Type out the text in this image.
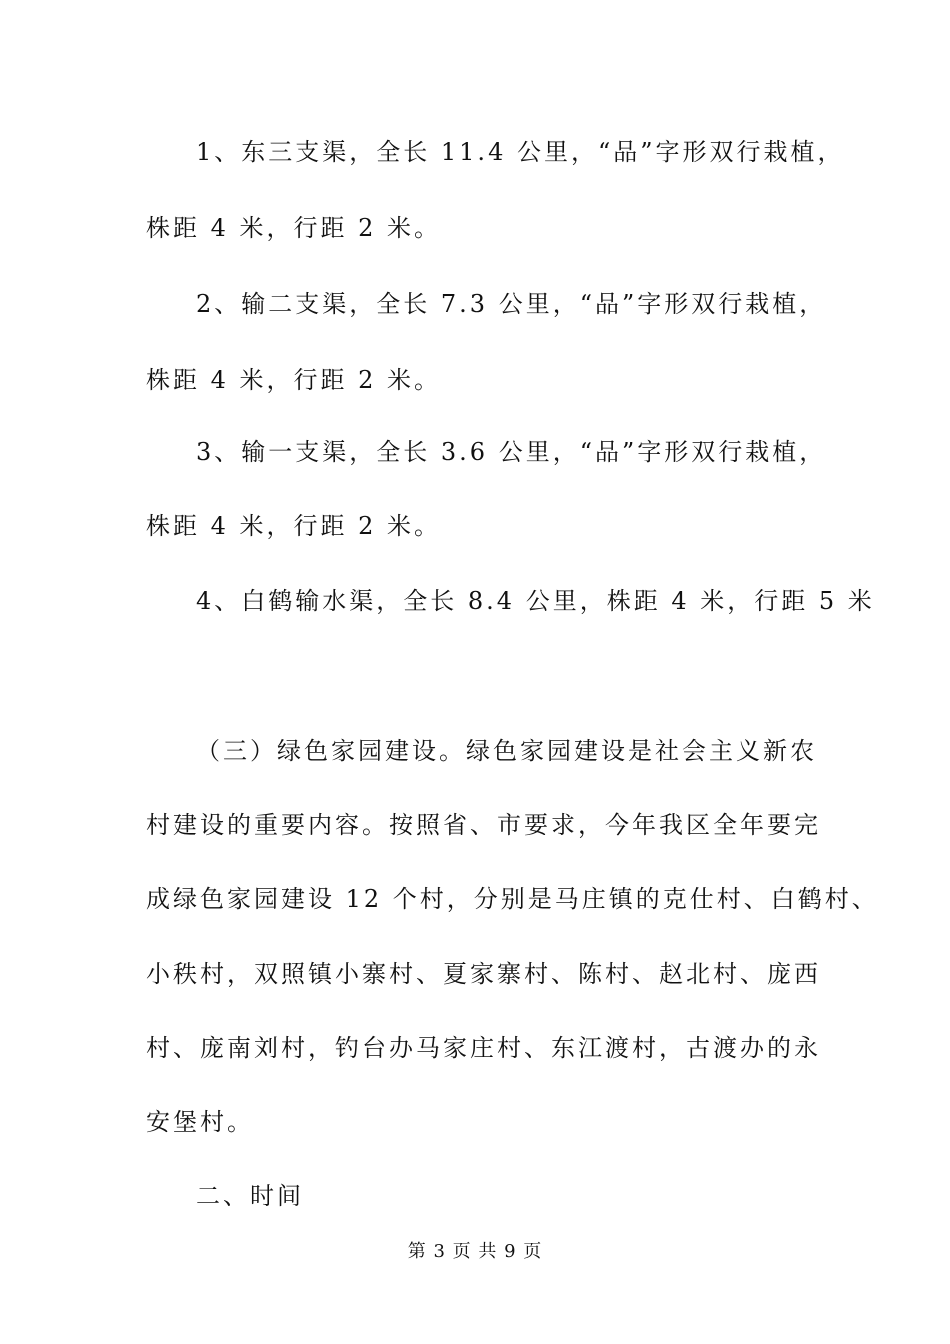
1、东三支渠，全长 11.4 公里，“品”字形双行栽植，
株距 4 米，行距 2 米。
2、输二支渠，全长 7.3 公里，“品”字形双行栽植，
株距 4 米，行距 2 米。
3、输一支渠，全长 3.6 公里，“品”字形双行栽植，
株距 4 米，行距 2 米。
4、白鹤输水渠，全长 8.4 公里，株距 4 米，行距 5 米
（三）绿色家园建设。绿色家园建设是社会主义新农
村建设的重要内容。按照省、市要求，今年我区全年要完
成绿色家园建设 12 个村，分别是马庄镇的克仕村、白鹤村、
小秩村，双照镇小寨村、夏家寨村、陈村、赵北村、庞西
村、庞南刘村，钓台办马家庄村、东江渡村，古渡办的永
安堡村。
二、时间
第 3 页 共 9 页
